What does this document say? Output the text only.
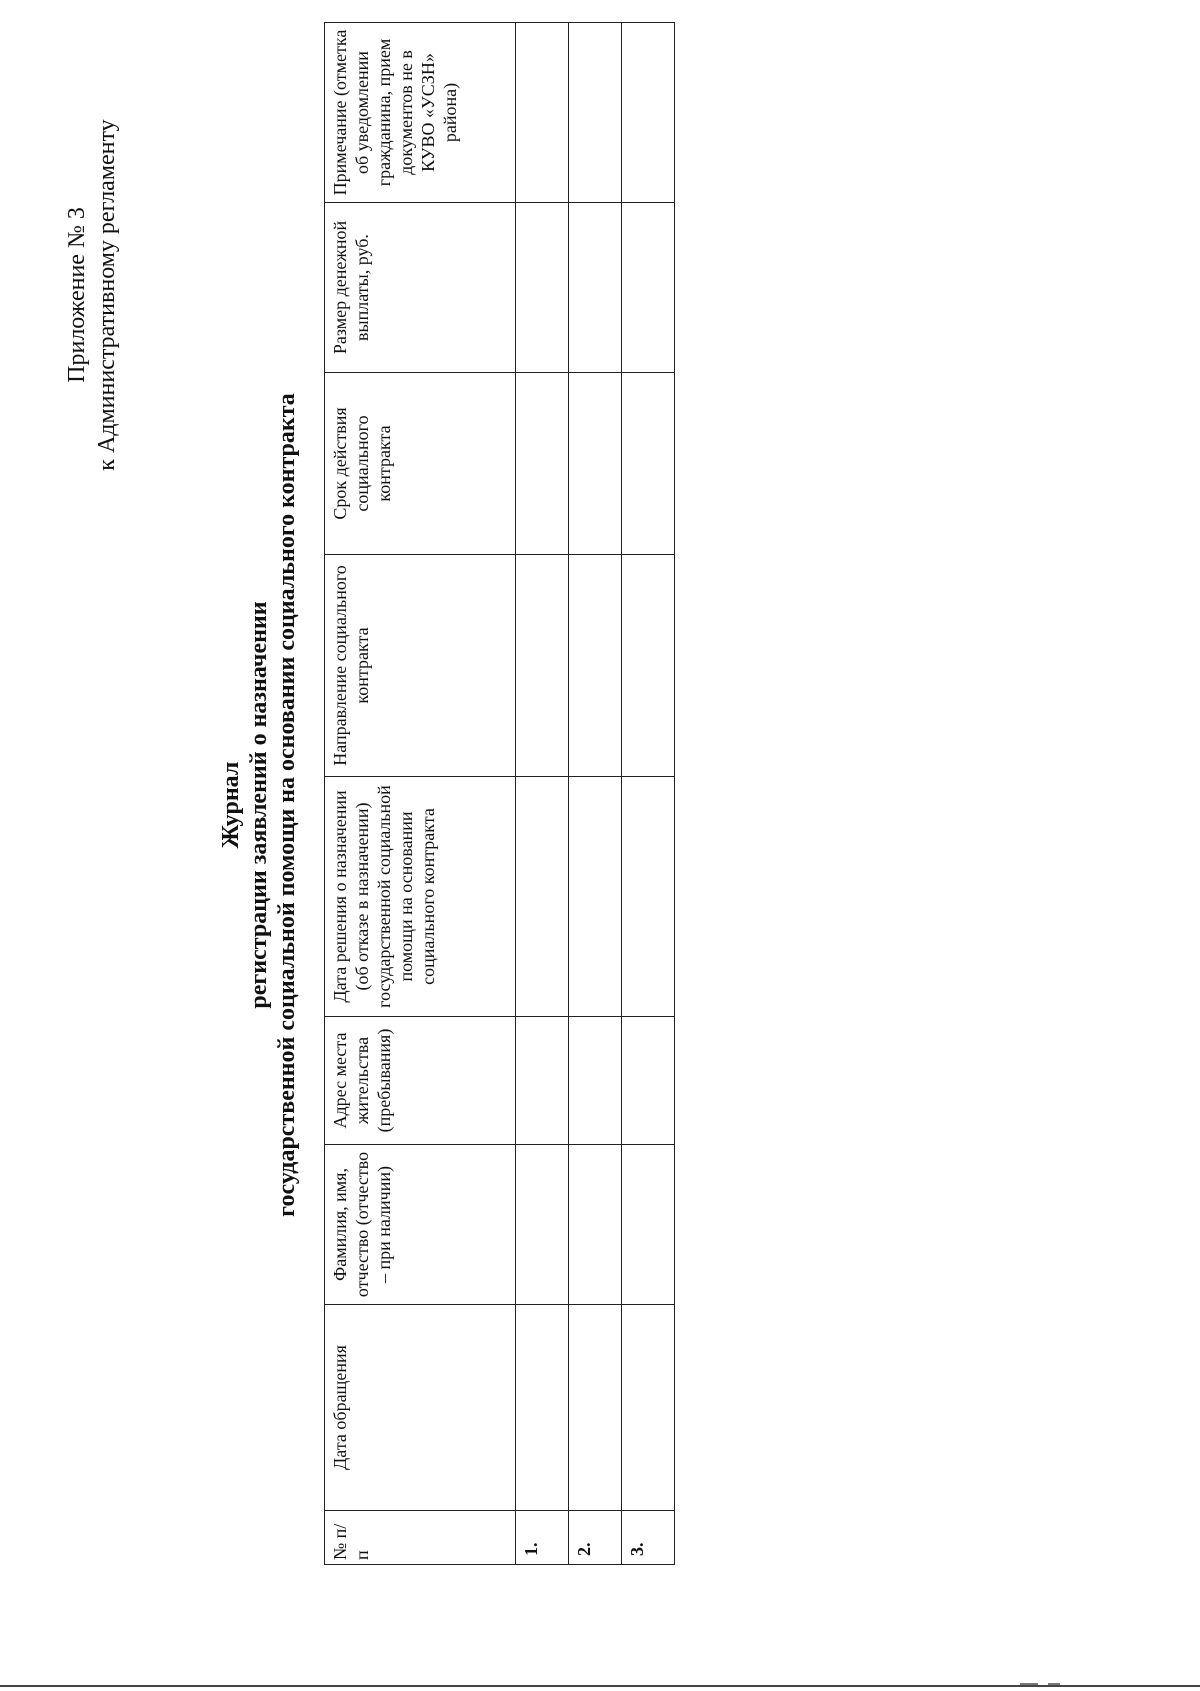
Приложение № 3 к Административному регламенту
Журнал регистрации заявлений о назначении государственной социальной помощи на основании социального контракта
№ п/п	Дата обращения	Фамилия, имя, отчество (отчество – при наличии)	Адрес места жительства (пребывания)	Дата решения о назначении (об отказе в назначении) государственной социальной помощи на основании социального контракта	Направление социального контракта	Срок действия социального контракта	Размер денежной выплаты, руб.	Примечание (отметка об уведомлении гражданина, прием документов не в КУВО «УСЗН» района)
1.								
2.								
3.								
